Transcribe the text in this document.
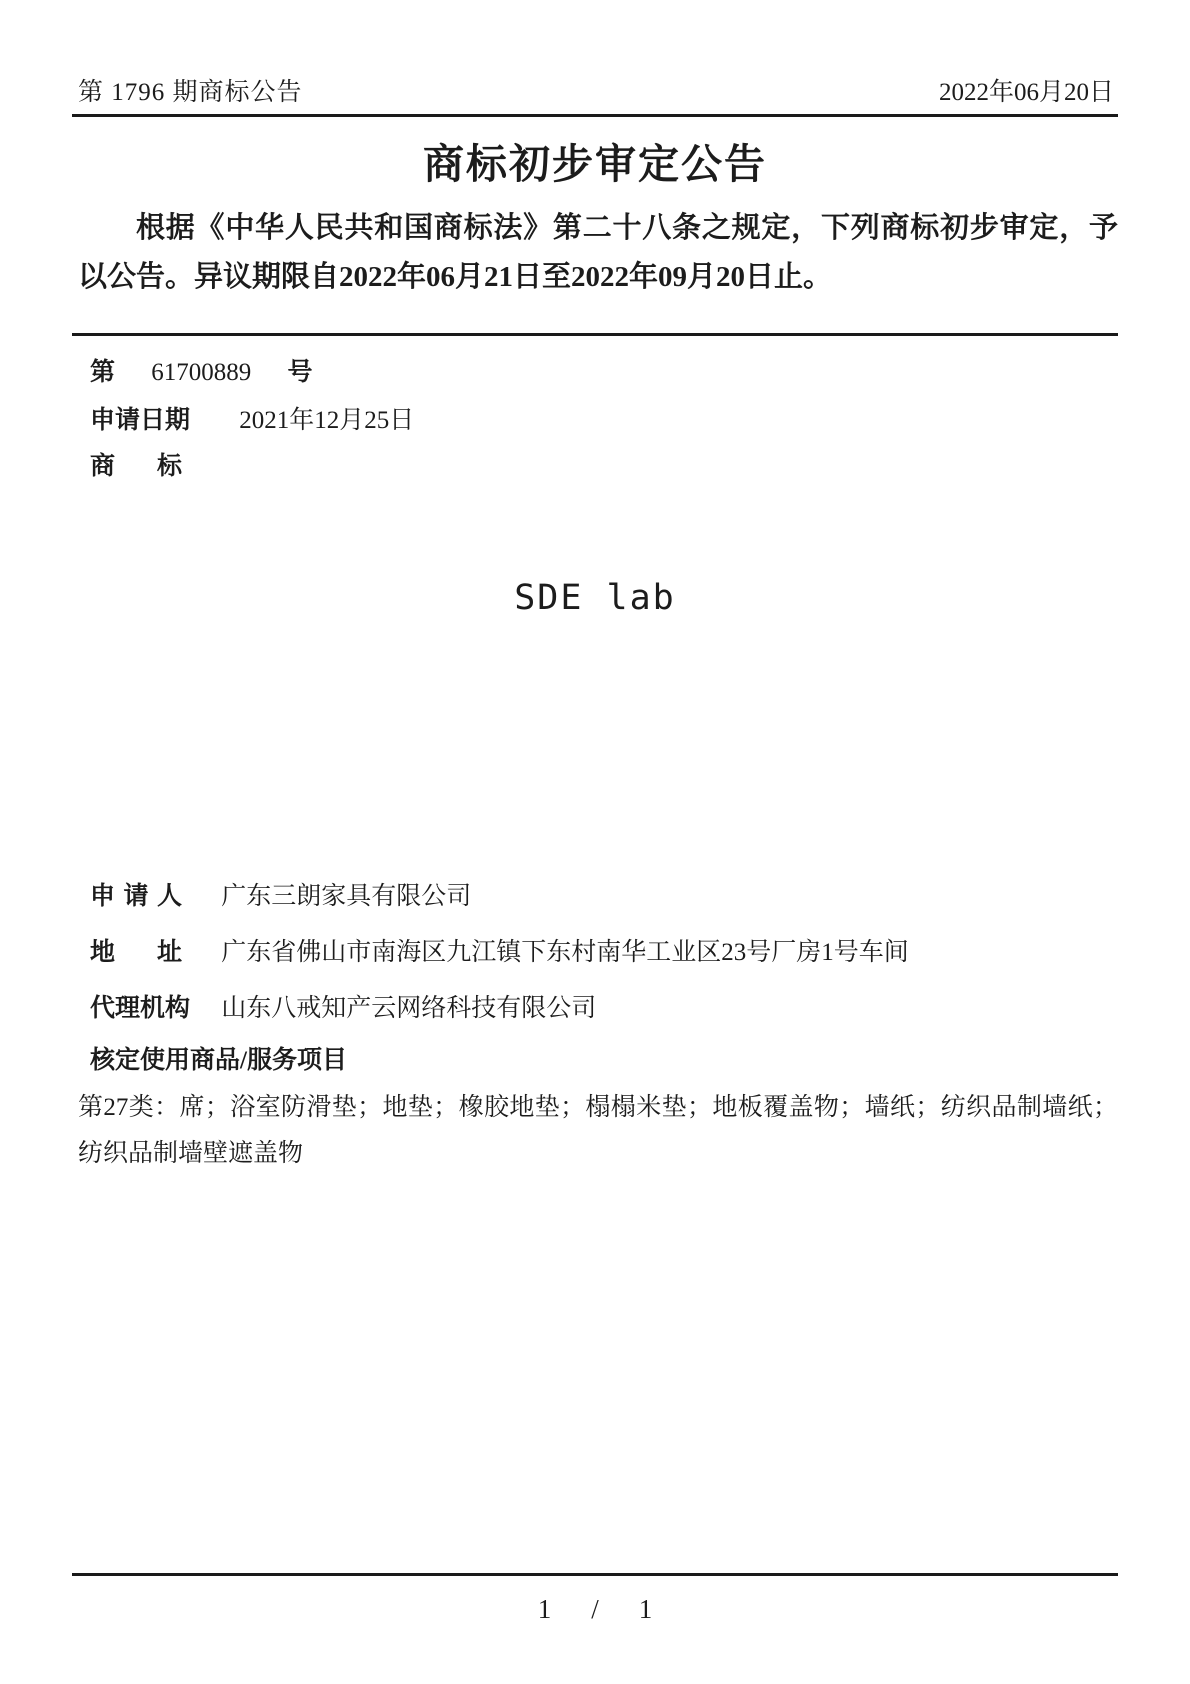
第 1796 期商标公告	2022年06月20日
商标初步审定公告
根据《中华人民共和国商标法》第二十八条之规定，下列商标初步审定，予以公告。异议期限自2022年06月21日至2022年09月20日止。
第 61700889 号
申请日期 2021年12月25日
商 标
SDE lab
申 请 人 广东三朗家具有限公司
地 址 广东省佛山市南海区九江镇下东村南华工业区23号厂房1号车间
代理机构 山东八戒知产云网络科技有限公司
核定使用商品/服务项目
第27类：席；浴室防滑垫；地垫；橡胶地垫；榻榻米垫；地板覆盖物；墙纸；纺织品制墙纸；纺织品制墙壁遮盖物
1 / 1
